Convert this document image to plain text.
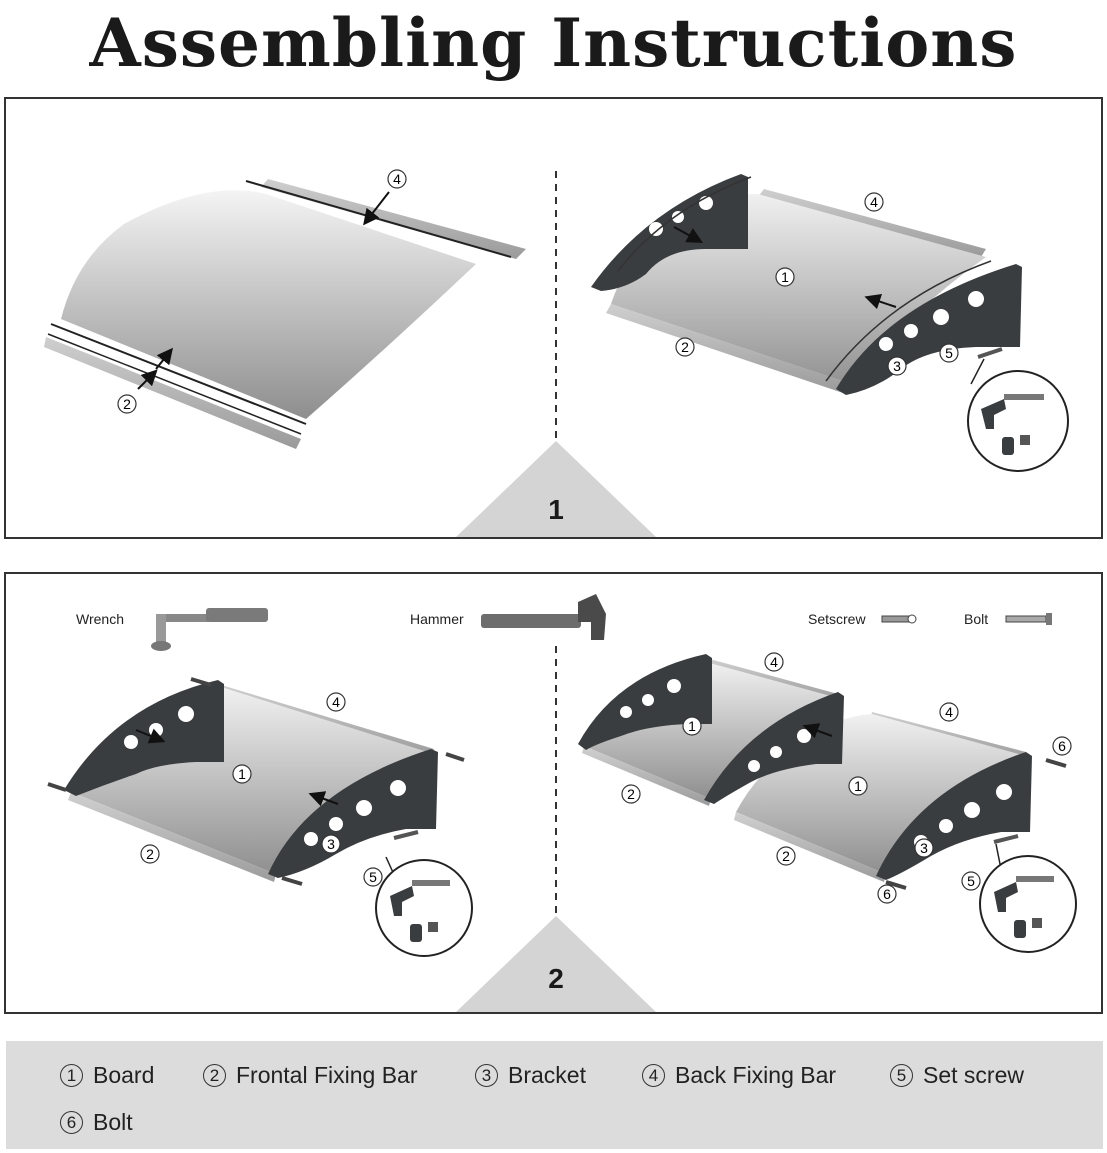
Assembling Instructions
4
2
4
1
2
3
5
1
Wrench	Hammer	Setscrew	Bolt
4
1
2
3
5
4
1
2
4
1
6
3
2
6
5
2
1 Board	2 Frontal Fixing Bar	3 Bracket	4 Back Fixing Bar	5 Set screw
6 Bolt
